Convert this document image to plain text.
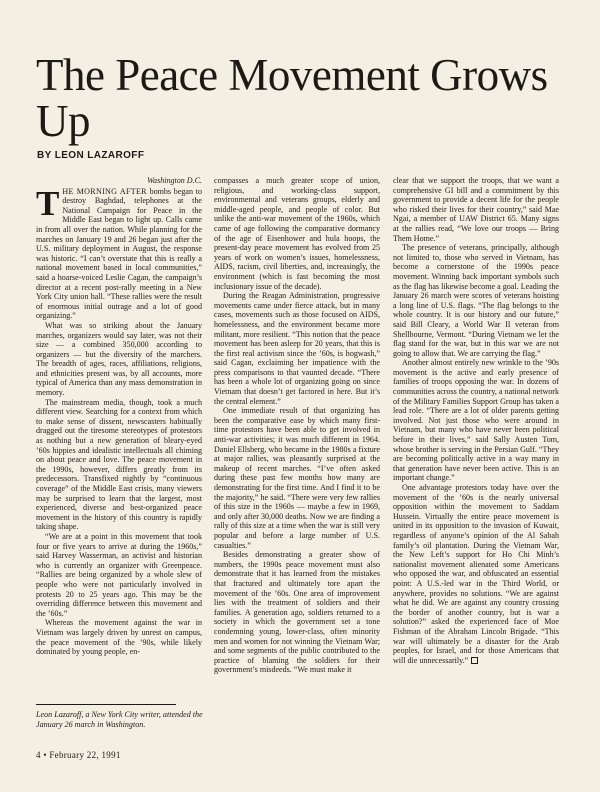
The Peace Movement Grows Up
BY LEON LAZAROFF
Washington D.C.

THE MORNING AFTER bombs began to destroy Baghdad, telephones at the National Campaign for Peace in the Middle East began to light up. Calls came in from all over the nation. While planning for the marches on January 19 and 26 began just after the U.S. military deployment in August, the response was historic. “I can’t overstate that this is really a national movement based in local communities,” said a hoarse-voiced Leslie Cagan, the campaign’s director at a recent post-rally meeting in a New York City union hall. “These rallies were the result of enormous initial outrage and a lot of good organizing.”

What was so striking about the January marches, organizers would say later, was not their size — a combined 350,000 according to organizers — but the diversity of the marchers. The breadth of ages, races, affiliations, religions, and ethnicities present was, by all accounts, more typical of America than any mass demonstration in memory.

The mainstream media, though, took a much different view. Searching for a context from which to make sense of dissent, newscasters habitually dragged out the tiresome stereotypes of protestors as nothing but a new generation of bleary-eyed ’60s hippies and idealistic intellectuals all chiming on about peace and love. The peace movement in the 1990s, however, differs greatly from its predecessors. Transfixed nightly by “continuous coverage” of the Middle East crisis, many viewers may be surprised to learn that the largest, most experienced, diverse and best-organized peace movement in the history of this country is rapidly taking shape.

“We are at a point in this movement that took four or five years to arrive at during the 1960s,” said Harvey Wasserman, an activist and historian who is currently an organizer with Greenpeace. “Rallies are being organized by a whole slew of people who were not particularly involved in protests 20 to 25 years ago. This may be the overriding difference between this movement and the ’60s.”

Whereas the movement against the war in Vietnam was largely driven by unrest on campus, the peace movement of the ’90s, while likely dominated by young people, en-

compasses a much greater scope of union, religious, and working-class support, environmental and veterans groups, elderly and middle-aged people, and people of color. But unlike the anti-war movement of the 1960s, which came of age following the comparative dormancy of the age of Eisenhower and hula hoops, the present-day peace movement has evolved from 25 years of work on women’s issues, homelessness, AIDS, racism, civil liberties, and, increasingly, the environment (which is fast becoming the most inclusionary issue of the decade).

During the Reagan Administration, progressive movements came under fierce attack, but in many cases, movements such as those focused on AIDS, homelessness, and the environment became more militant, more resilient. “This notion that the peace movement has been asleep for 20 years, that this is the first real activism since the ’60s, is hogwash,” said Cagan, exclaiming her impatience with the press comparisons to that vaunted decade. “There has been a whole lot of organizing going on since Vietnam that doesn’t get factored in here. But it’s the central element.”

One immediate result of that organizing has been the comparative ease by which many first-time protestors have been able to get involved in anti-war activities; it was much different in 1964. Daniel Ellsberg, who became in the 1980s a fixture at major rallies, was pleasantly surprised at the makeup of recent marches. “I’ve often asked during these past few months how many are demonstrating for the first time. And I find it to be the majority,” he said. “There were very few rallies of this size in the 1960s — maybe a few in 1969, and only after 30,000 deaths. Now we are finding a rally of this size at a time when the war is still very popular and before a large number of U.S. casualties.”

Besides demonstrating a greater show of numbers, the 1990s peace movement must also demonstrate that it has learned from the mistakes that fractured and ultimately tore apart the movement of the ’60s. One area of improvement lies with the treatment of soldiers and their families. A generation ago, soldiers returned to a society in which the government set a tone condemning young, lower-class, often minority men and women for not winning the Vietnam War; and some segments of the public contributed to the practice of blaming the soldiers for their government’s misdeeds. “We must make it

clear that we support the troops, that we want a comprehensive GI bill and a commitment by this government to provide a decent life for the people who risked their lives for their country,” said Mae Ngai, a member of UAW District 65. Many signs at the rallies read, “We love our troops — Bring Them Home.”

The presence of veterans, principally, although not limited to, those who served in Vietnam, has become a cornerstone of the 1990s peace movement. Winning back important symbols such as the flag has likewise become a goal. Leading the January 26 march were scores of veterans hoisting a long line of U.S. flags. “The flag belongs to the whole country. It is our history and our future,” said Bill Cleary, a World War II veteran from Shellbourne, Vermont. “During Vietnam we let the flag stand for the war, but in this war we are not going to allow that. We are carrying the flag.”

Another almost entirely new wrinkle to the ’90s movement is the active and early presence of families of troops opposing the war. In dozens of communities across the country, a national network of the Military Families Support Group has taken a lead role. “There are a lot of older parents getting involved. Not just those who were around in Vietnam, but many who have never been political before in their lives,” said Sally Austen Tom, whose brother is serving in the Persian Gulf. “They are becoming politically active in a way many in that generation have never been active. This is an important change.”

One advantage protestors today have over the movement of the ’60s is the nearly universal opposition within the movement to Saddam Hussein. Virtually the entire peace movement is united in its opposition to the invasion of Kuwait, regardless of anyone’s opinion of the Al Sabah family’s oil plantation. During the Vietnam War, the New Left’s support for Ho Chi Minh’s nationalist movement alienated some Americans who opposed the war, and obfuscated an essential point: A U.S.-led war in the Third World, or anywhere, provides no solutions. “We are against what he did. We are against any country crossing the border of another country, but is war a solution?” asked the experienced face of Moe Fishman of the Abraham Lincoln Brigade. “This war will ultimately be a disaster for the Arab peoples, for Israel, and for those Americans that will die unnecessarily.”

Leon Lazaroff, a New York City writer, attended the January 26 march in Washington.
4 • February 22, 1991
